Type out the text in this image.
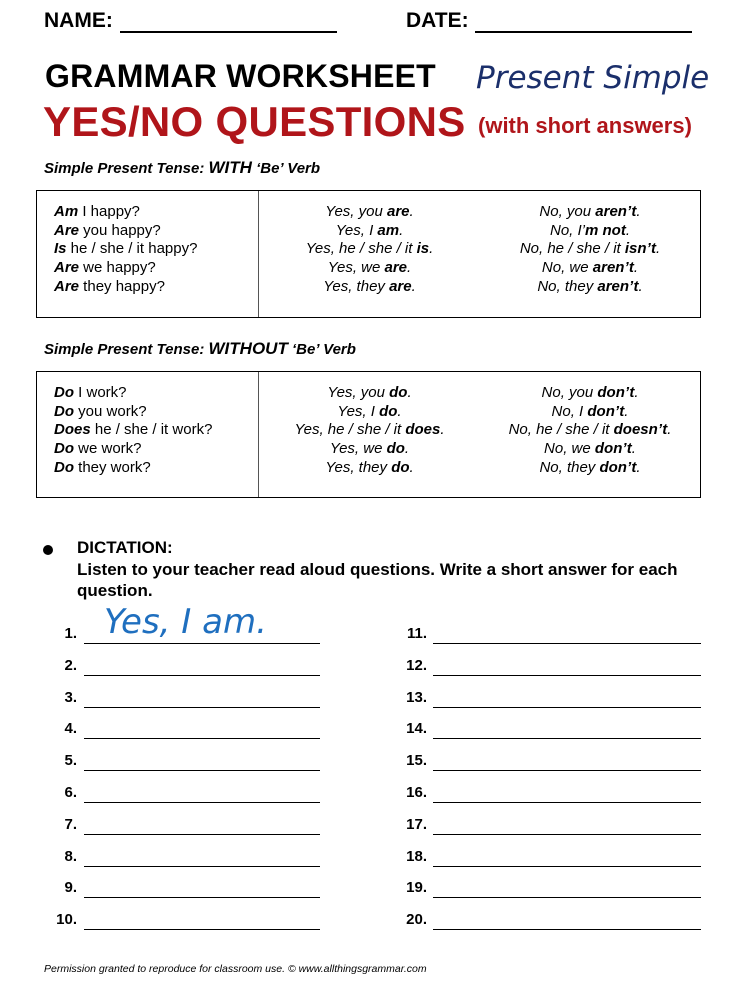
NAME:	DATE:
GRAMMAR WORKSHEET Present Simple
YES/NO QUESTIONS (with short answers)
Simple Present Tense: WITH ‘Be’ Verb
Am I happy?
Are you happy?
Is he / she / it happy?
Are we happy?
Are they happy?
Yes, you are.
Yes, I am.
Yes, he / she / it is.
Yes, we are.
Yes, they are.
No, you aren’t.
No, I’m not.
No, he / she / it isn’t.
No, we aren’t.
No, they aren’t.
Simple Present Tense: WITHOUT ‘Be’ Verb
Do I work?
Do you work?
Does he / she / it work?
Do we work?
Do they work?
Yes, you do.
Yes, I do.
Yes, he / she / it does.
Yes, we do.
Yes, they do.
No, you don’t.
No, I don’t.
No, he / she / it doesn’t.
No, we don’t.
No, they don’t.
DICTATION:
Listen to your teacher read aloud questions. Write a short answer for each question.
Yes, I am.
1.
2.
3.
4.
5.
6.
7.
8.
9.
10.
11.
12.
13.
14.
15.
16.
17.
18.
19.
20.
Permission granted to reproduce for classroom use. © www.allthingsgrammar.com
